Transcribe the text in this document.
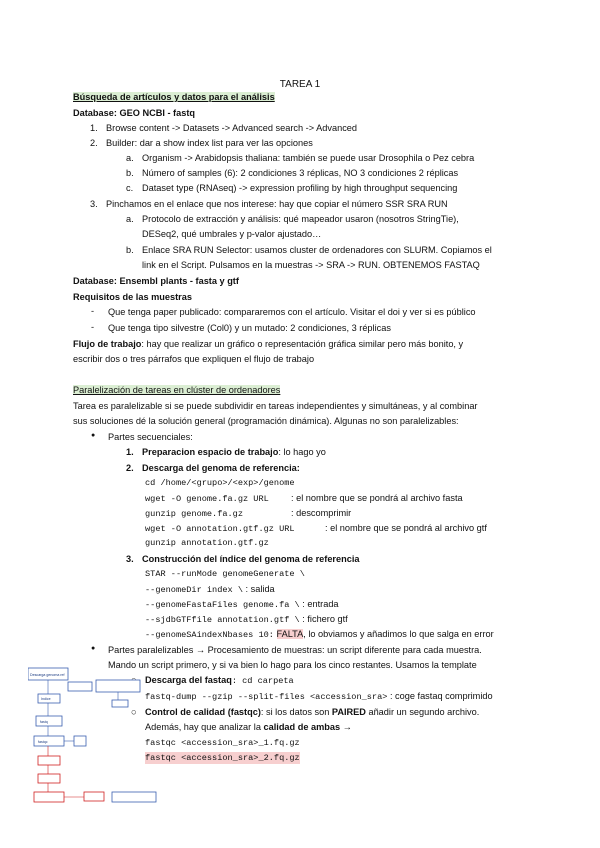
TAREA 1
Búsqueda de artículos y datos para el análisis
Database: GEO NCBI - fastq
1. Browse content -> Datasets -> Advanced search -> Advanced
2. Builder: dar a show index list para ver las opciones
a. Organism -> Arabidopsis thaliana: también se puede usar Drosophila o Pez cebra
b. Número of samples (6): 2 condiciones 3 réplicas, NO 3 condiciones 2 réplicas
c. Dataset type (RNAseq) -> expression profiling by high throughput sequencing
3. Pinchamos en el enlace que nos interese: hay que copiar el número SSR SRA RUN
a. Protocolo de extracción y análisis: qué mapeador usaron (nosotros StringTie),
DESeq2, qué umbrales y p-valor ajustado…
b. Enlace SRA RUN Selector: usamos cluster de ordenadores con SLURM. Copiamos el
link en el Script. Pulsamos en la muestras -> SRA -> RUN. OBTENEMOS FASTAQ
Database: Ensembl plants - fasta y gtf
Requisitos de las muestras
- Que tenga paper publicado: compararemos con el artículo. Visitar el doi y ver si es público
- Que tenga tipo silvestre (Col0) y un mutado: 2 condiciones, 3 réplicas
Flujo de trabajo: hay que realizar un gráfico o representación gráfica similar pero más bonito, y
escribir dos o tres párrafos que expliquen el flujo de trabajo
Paralelización de tareas en clúster de ordenadores
Tarea es paralelizable si se puede subdividir en tareas independientes y simultáneas, y al combinar
sus soluciones dé la solución general (programación dinámica). Algunas no son paralelizables:
● Partes secuenciales:
1. Preparacion espacio de trabajo: lo hago yo
2. Descarga del genoma de referencia:
cd /home/<grupo>/<exp>/genome
wget -O genome.fa.gz URL : el nombre que se pondrá al archivo fasta
gunzip genome.fa.gz	: descomprimir
wget -O annotation.gtf.gz URL	: el nombre que se pondrá al archivo gtf
gunzip annotation.gtf.gz
3. Construcción del índice del genoma de referencia
STAR --runMode genomeGenerate \
--genomeDir index \ : salida
--genomeFastaFiles genome.fa \ : entrada
--sjdbGTFfile annotation.gtf \ : fichero gtf
--genomeSAindexNbases 10: FALTA, lo obviamos y añadimos lo que salga en error
● Partes paralelizables → Procesamiento de muestras: un script diferente para cada muestra.
Mando un script primero, y si va bien lo hago para los cinco restantes. Usamos la template
Descarga del fastaq: cd carpeta
fastq-dump --gzip --split-files <accession_sra> : coge fastaq comprimido
○ Control de calidad (fastqc): si los datos son PAIRED añadir un segundo archivo.
Además, hay que analizar la calidad de ambas →
fastqc <accession_sra>_1.fq.gz
fastqc <accession_sra>_2.fq.gz
Descarga genoma ref
Indice
fastq
fastqc
